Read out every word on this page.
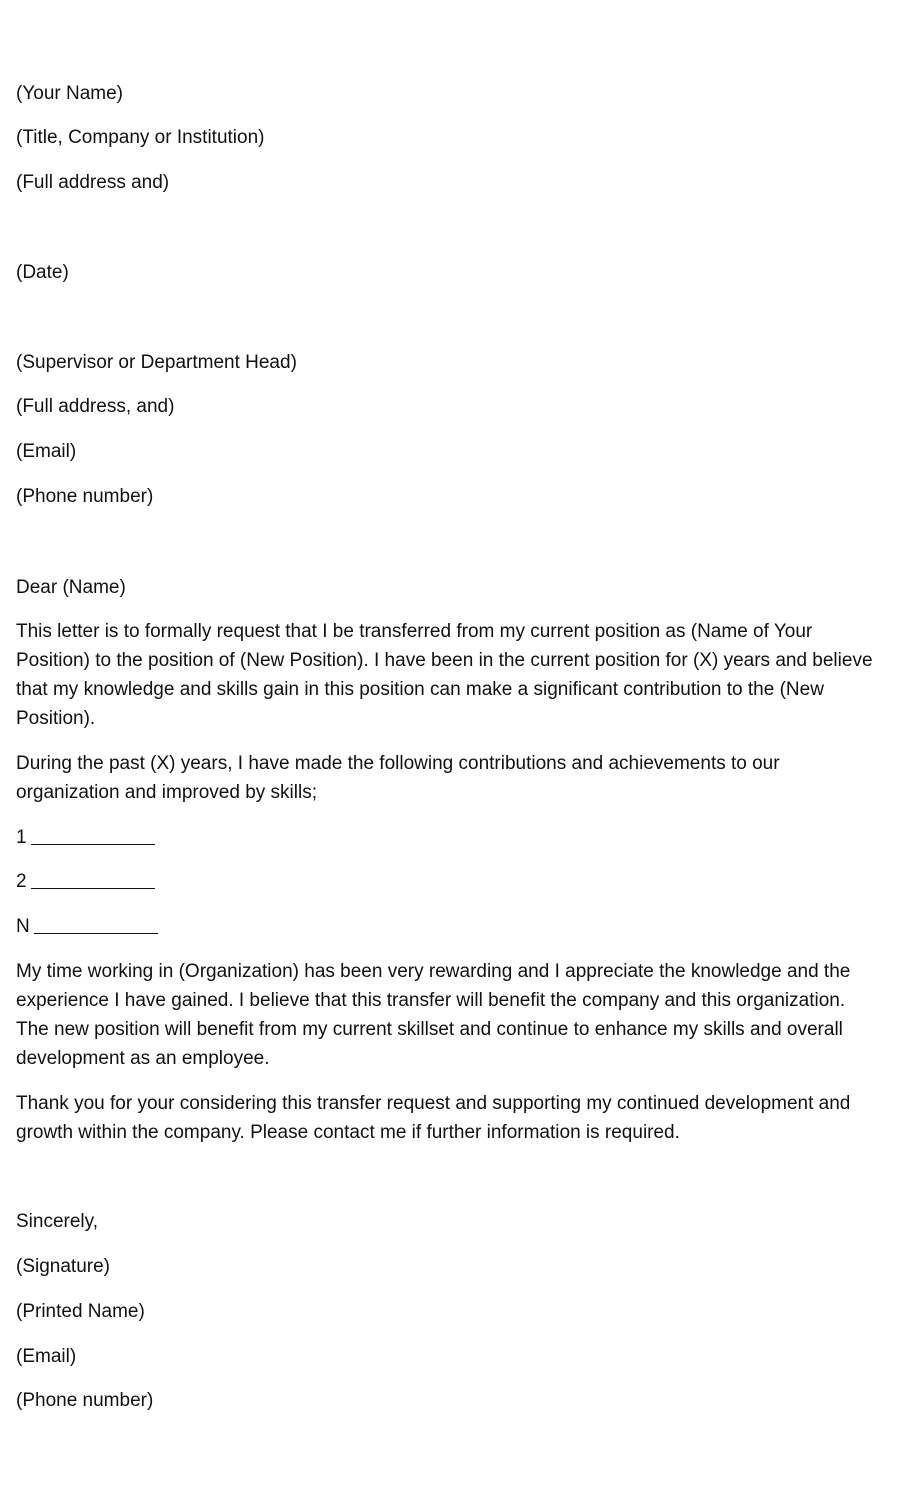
(Your Name)
(Title, Company or Institution)
(Full address and)
(Date)
(Supervisor or Department Head)
(Full address, and)
(Email)
(Phone number)
Dear (Name)

This letter is to formally request that I be transferred from my current position as (Name of Your Position) to the position of (New Position). I have been in the current position for (X) years and believe that my knowledge and skills gain in this position can make a significant contribution to the (New Position).

During the past (X) years, I have made the following contributions and achievements to our organization and improved by skills;

1
2
N

My time working in (Organization) has been very rewarding and I appreciate the knowledge and the experience I have gained. I believe that this transfer will benefit the company and this organization. The new position will benefit from my current skillset and continue to enhance my skills and overall development as an employee.

Thank you for your considering this transfer request and supporting my continued development and growth within the company. Please contact me if further information is required.

Sincerely,
(Signature)
(Printed Name)
(Email)
(Phone number)
